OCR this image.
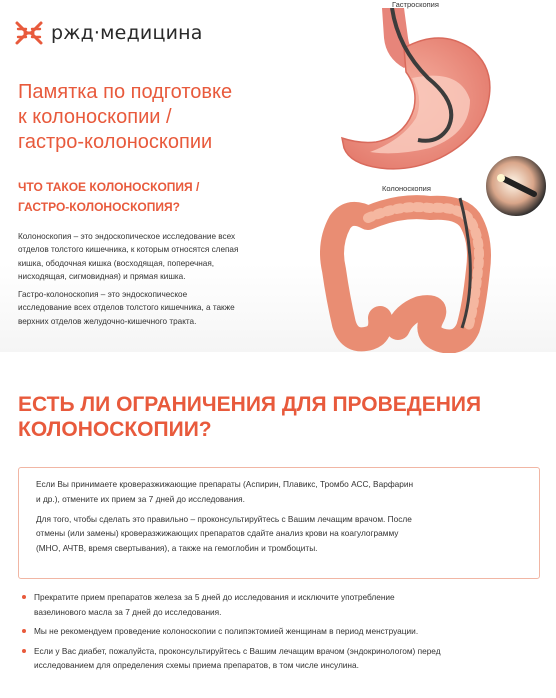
ржд·медицина
Памятка по подготовке
к колоноскопии /
гастро-колоноскопии
ЧТО ТАКОЕ КОЛОНОСКОПИЯ /
ГАСТРО-КОЛОНОСКОПИЯ?

Колоноскопия – это эндоскопическое исследование всех
отделов толстого кишечника, к которым относятся слепая
кишка, ободочная кишка (восходящая, поперечная,
нисходящая, сигмовидная) и прямая кишка.

Гастро-колоноскопия – это эндоскопическое
исследование всех отделов толстого кишечника, а также
верхних отделов желудочно-кишечного тракта.

Гастроскопия
Колоноскопия
ЕСТЬ ЛИ ОГРАНИЧЕНИЯ ДЛЯ ПРОВЕДЕНИЯ
КОЛОНОСКОПИИ?

Если Вы принимаете кроверазжижающие препараты (Аспирин, Плавикс, Тромбо АСС, Варфарин
и др.), отмените их прием за 7 дней до исследования.

Для того, чтобы сделать это правильно – проконсультируйтесь с Вашим лечащим врачом. После
отмены (или замены) кроверазжижающих препаратов сдайте анализ крови на коагулограмму
(МНО, АЧТВ, время свертывания), а также на гемоглобин и тромбоциты.

Прекратите прием препаратов железа за 5 дней до исследования и исключите употребление
вазелинового масла за 7 дней до исследования.
Мы не рекомендуем проведение колоноскопии с полипэктомией женщинам в период менструации.
Если у Вас диабет, пожалуйста, проконсультируйтесь с Вашим лечащим врачом (эндокринологом) перед
исследованием для определения схемы приема препаратов, в том числе инсулина.
